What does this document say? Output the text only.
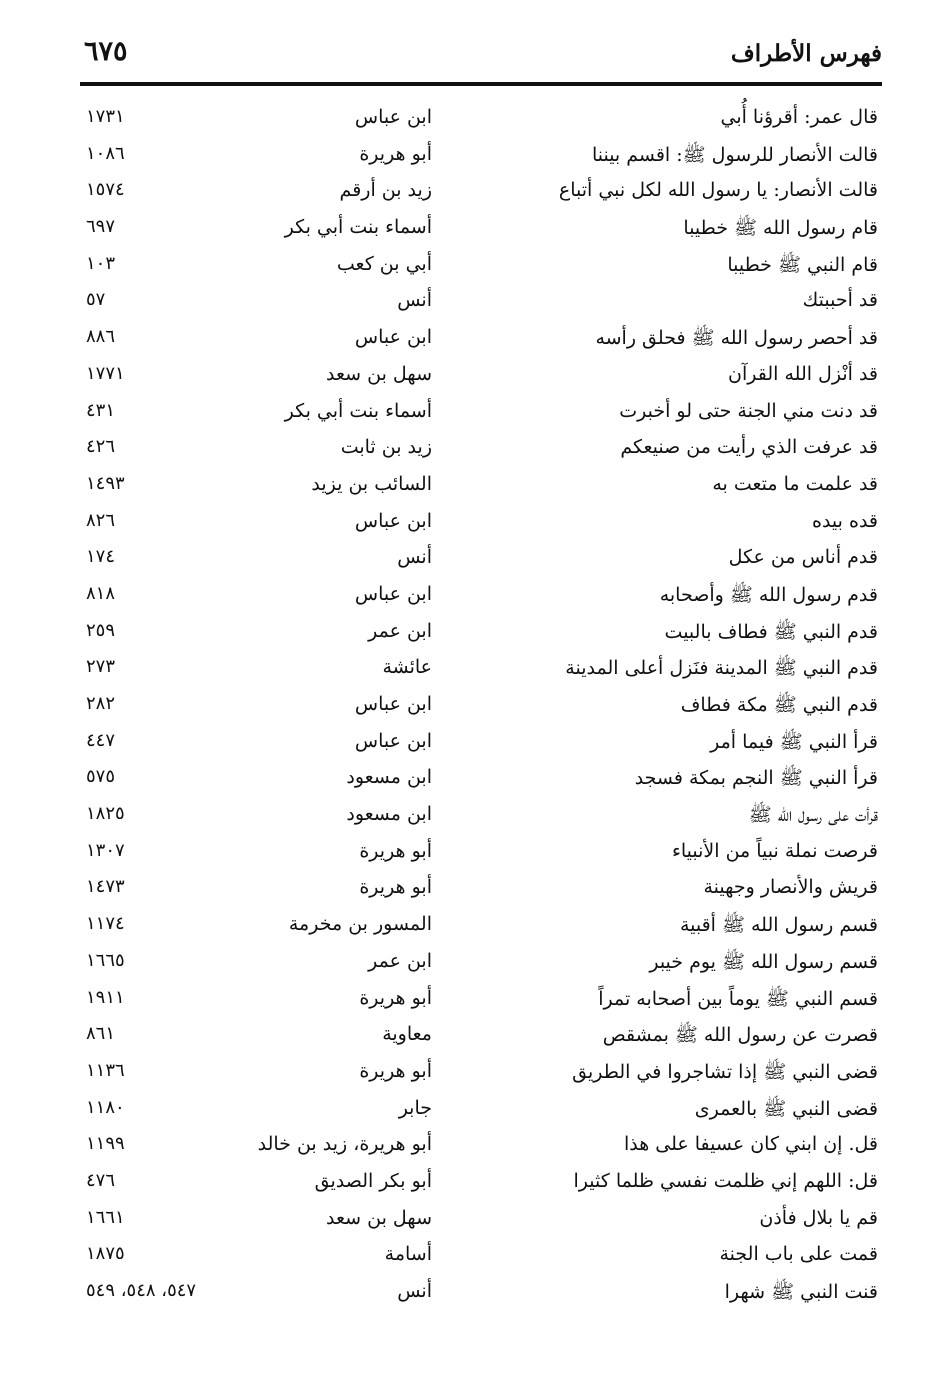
فهرس الأطراف
٦٧٥
قال عمر: أقرؤنا أُبي
ابن عباس
١٧٣١
قالت الأنصار للرسول ﷺ: اقسم بيننا
أبو هريرة
١٠٨٦
قالت الأنصار: يا رسول الله لكل نبي أتباع
زيد بن أرقم
١٥٧٤
قام رسول الله ﷺ خطيبا
أسماء بنت أبي بكر
٦٩٧
قام النبي ﷺ خطيبا
أبي بن كعب
١٠٣
قد أحببتك
أنس
٥٧
قد أحصر رسول الله ﷺ فحلق رأسه
ابن عباس
٨٨٦
قد أنْزل الله القرآن
سهل بن سعد
١٧٧١
قد دنت مني الجنة حتى لو أخبرت
أسماء بنت أبي بكر
٤٣١
قد عرفت الذي رأيت من صنيعكم
زيد بن ثابت
٤٢٦
قد علمت ما متعت به
السائب بن يزيد
١٤٩٣
قده بيده
ابن عباس
٨٢٦
قدم أناس من عكل
أنس
١٧٤
قدم رسول الله ﷺ وأصحابه
ابن عباس
٨١٨
قدم النبي ﷺ فطاف بالبيت
ابن عمر
٢٥٩
قدم النبي ﷺ المدينة فنَزل أعلى المدينة
عائشة
٢٧٣
قدم النبي ﷺ مكة فطاف
ابن عباس
٢٨٢
قرأ النبي ﷺ فيما أمر
ابن عباس
٤٤٧
قرأ النبي ﷺ النجم بمكة فسجد
ابن مسعود
٥٧٥
قرأت على رسول الله ﷺ
ابن مسعود
١٨٢٥
قرصت نملة نبياً من الأنبياء
أبو هريرة
١٣٠٧
قريش والأنصار وجهينة
أبو هريرة
١٤٧٣
قسم رسول الله ﷺ أقبية
المسور بن مخرمة
١١٧٤
قسم رسول الله ﷺ يوم خيبر
ابن عمر
١٦٦٥
قسم النبي ﷺ يوماً بين أصحابه تمراً
أبو هريرة
١٩١١
قصرت عن رسول الله ﷺ بمشقص
معاوية
٨٦١
قضى النبي ﷺ إذا تشاجروا في الطريق
أبو هريرة
١١٣٦
قضى النبي ﷺ بالعمرى
جابر
١١٨٠
قل. إن ابني كان عسيفا على هذا
أبو هريرة، زيد بن خالد
١١٩٩
قل: اللهم إني ظلمت نفسي ظلما كثيرا
أبو بكر الصديق
٤٧٦
قم يا بلال فأذن
سهل بن سعد
١٦٦١
قمت على باب الجنة
أسامة
١٨٧٥
قنت النبي ﷺ شهرا
أنس
٥٤٧، ٥٤٨، ٥٤٩
